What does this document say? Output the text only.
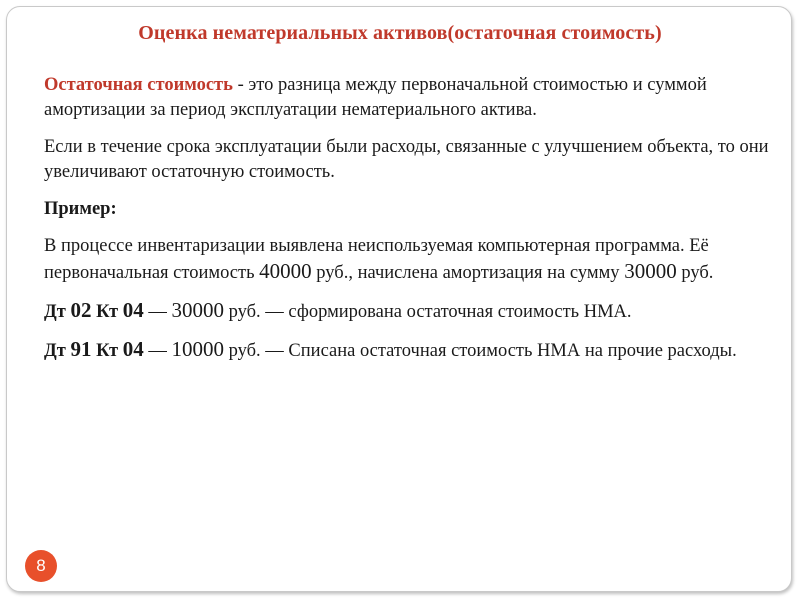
Оценка нематериальных активов(остаточная стоимость)

Остаточная стоимость - это разница между первоначальной стоимостью и суммой амортизации за период эксплуатации нематериального актива.

Если в течение срока эксплуатации были расходы, связанные с улучшением объекта, то они увеличивают остаточную стоимость.

Пример:

В процессе инвентаризации выявлена неиспользуемая компьютерная программа. Её первоначальная стоимость 40000 руб., начислена амортизация на сумму 30000 руб.

Дт 02 Кт 04 — 30000 руб. — сформирована остаточная стоимость НМА.

Дт 91 Кт 04 — 10000 руб. — Списана остаточная стоимость НМА на прочие расходы.

8
